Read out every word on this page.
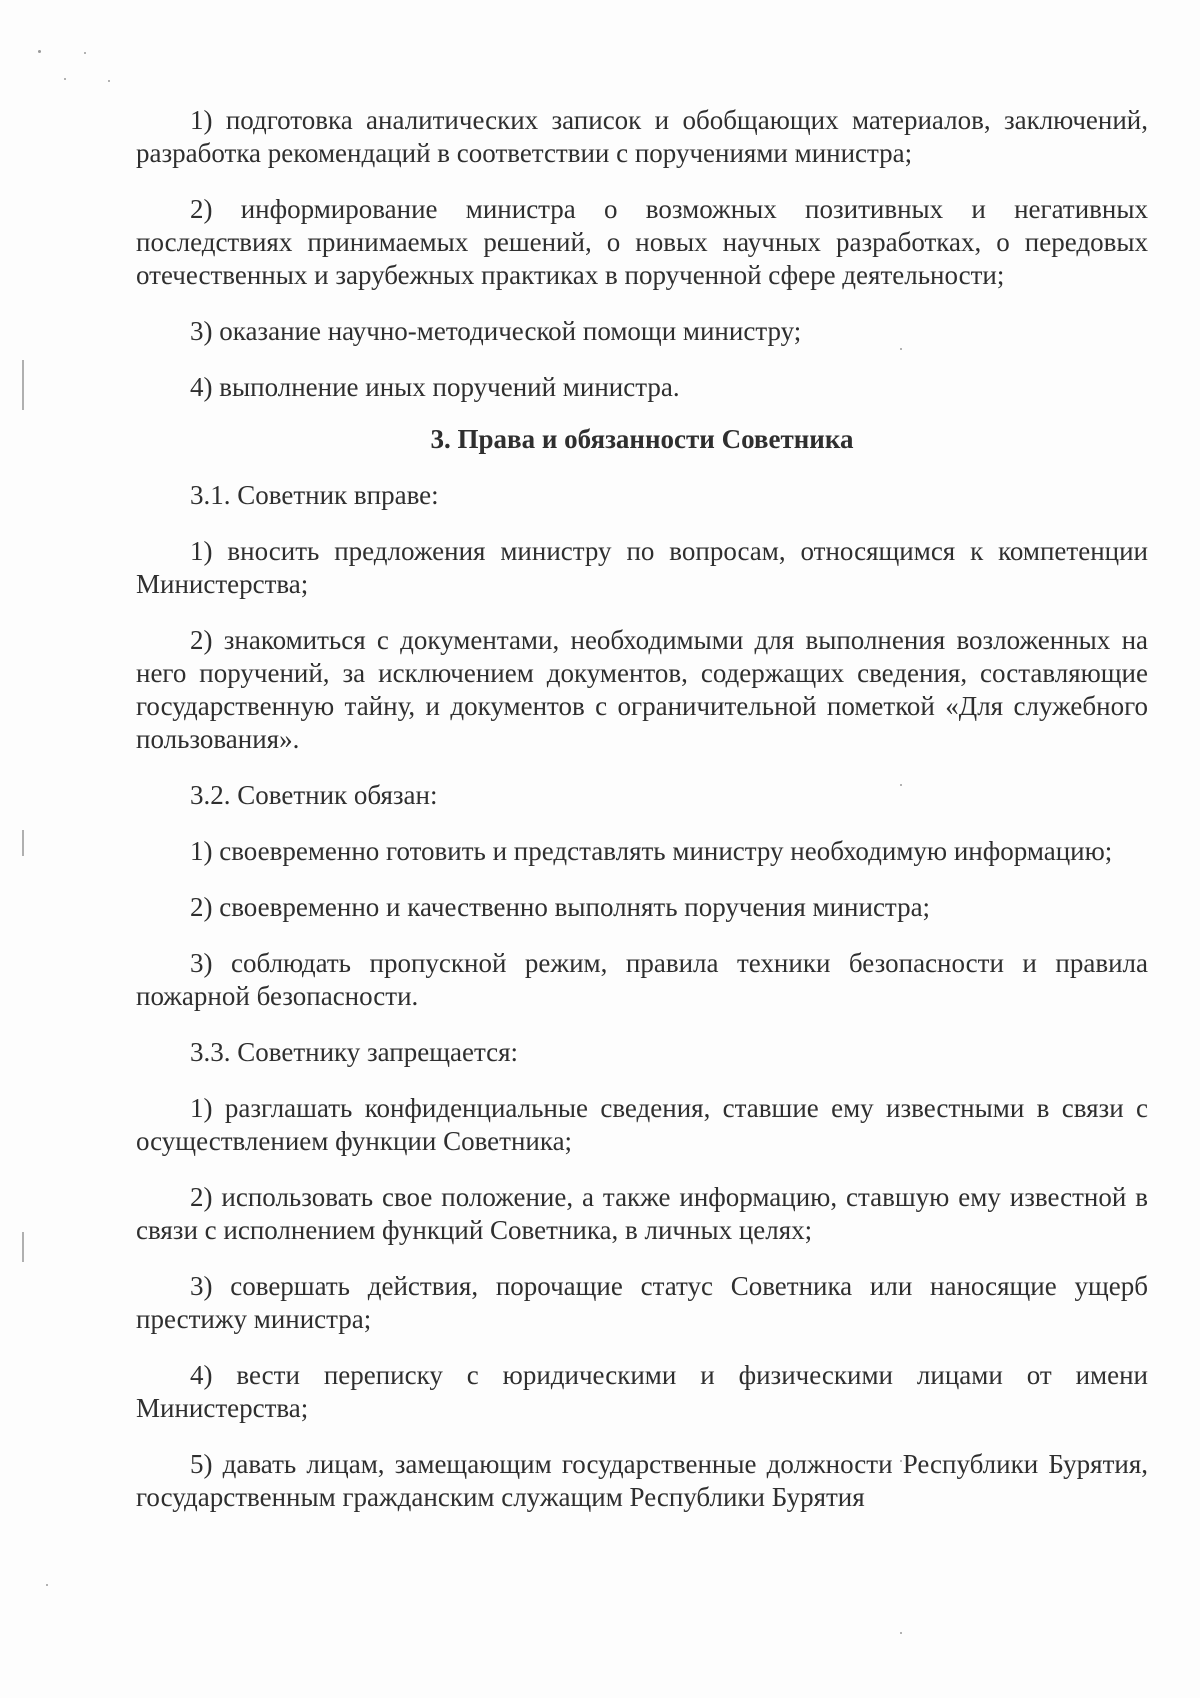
1) подготовка аналитических записок и обобщающих материалов, заключений, разработка рекомендаций в соответствии с поручениями министра;

2) информирование министра о возможных позитивных и негативных последствиях принимаемых решений, о новых научных разработках, о передовых отечественных и зарубежных практиках в порученной сфере деятельности;

3) оказание научно-методической помощи министру;

4) выполнение иных поручений министра.

3. Права и обязанности Советника

3.1. Советник вправе:

1) вносить предложения министру по вопросам, относящимся к компетенции Министерства;

2) знакомиться с документами, необходимыми для выполнения возложенных на него поручений, за исключением документов, содержащих сведения, составляющие государственную тайну, и документов с ограничительной пометкой «Для служебного пользования».

3.2. Советник обязан:

1) своевременно готовить и представлять министру необходимую информацию;

2) своевременно и качественно выполнять поручения министра;

3) соблюдать пропускной режим, правила техники безопасности и правила пожарной безопасности.

3.3. Советнику запрещается:

1) разглашать конфиденциальные сведения, ставшие ему известными в связи с осуществлением функции Советника;

2) использовать свое положение, а также информацию, ставшую ему известной в связи с исполнением функций Советника, в личных целях;

3) совершать действия, порочащие статус Советника или наносящие ущерб престижу министра;

4) вести переписку с юридическими и физическими лицами от имени Министерства;

5) давать лицам, замещающим государственные должности Республики Бурятия, государственным гражданским служащим Республики Бурятия
